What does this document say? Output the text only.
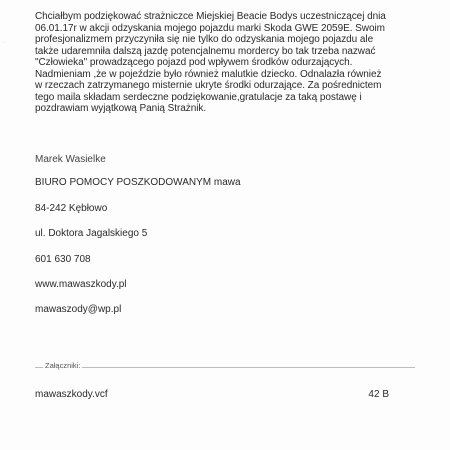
·
Chciałbym podziękować strażniczce Miejskiej Beacie Bodys uczestniczącej dnia
06.01.17r w akcji odzyskania mojego pojazdu marki Skoda GWE 2059E. Swoim
profesjonalizmem przyczyniła się nie tylko do odzyskania mojego pojazdu ale
także udaremniła dalszą jazdę potencjalnemu mordercy bo tak trzeba nazwać
"Człowieka" prowadzącego pojazd pod wpływem środków odurzających.
Nadmieniam ,że w pojeździe było również malutkie dziecko. Odnalazła również
w rzeczach zatrzymanego misternie ukryte środki odurzające. Za pośrednictem
tego maila składam serdeczne podziękowanie,gratulacje za taką postawę i
pozdrawiam wyjątkową Panią Strażnik.
Marek Wasielke
BIURO POMOCY POSZKODOWANYM mawa
84-242 Kębłowo
ul. Doktora Jagalskiego 5
601 630 708
www.mawaszkody.pl
mawaszody@wp.pl
Załączniki:
mawaszkody.vcf	42 B
